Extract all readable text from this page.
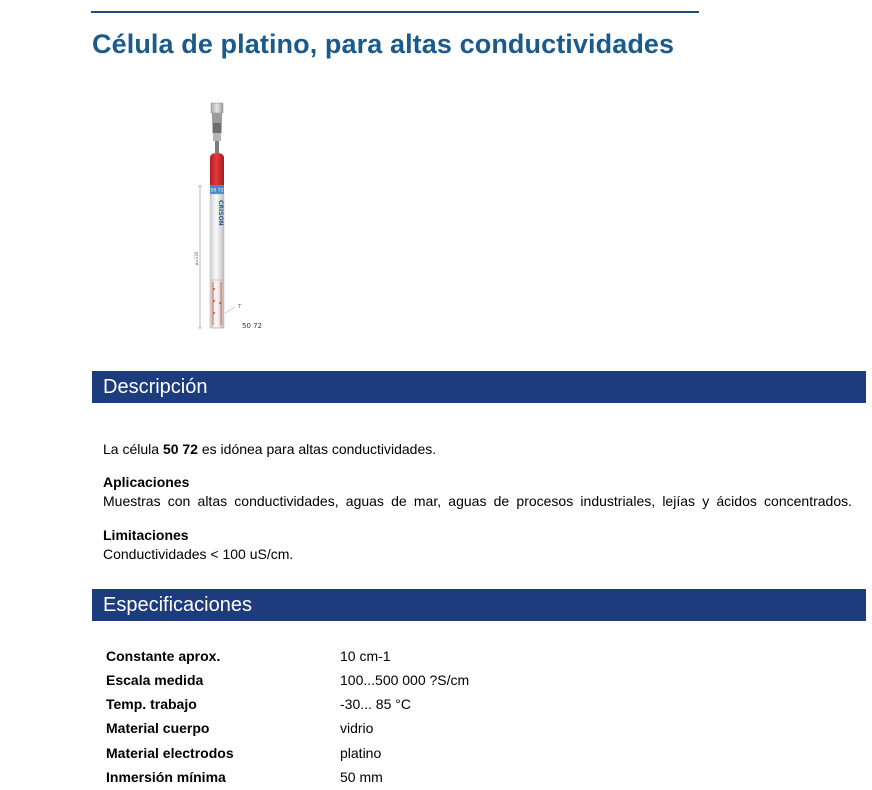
Célula de platino, para altas conductividades
50 72
CRISON
ø=120
T
50 72
Descripción
La célula 50 72 es idónea para altas conductividades.
Aplicaciones
Muestras con altas conductividades, aguas de mar, aguas de procesos industriales, lejías y ácidos concentrados.
Limitaciones
Conductividades < 100 uS/cm.
Especificaciones
Constante aprox.	10 cm-1
Escala medida	100...500 000 ?S/cm
Temp. trabajo	-30... 85 °C
Material cuerpo	vidrio
Material electrodos	platino
Inmersión mínima	50 mm
